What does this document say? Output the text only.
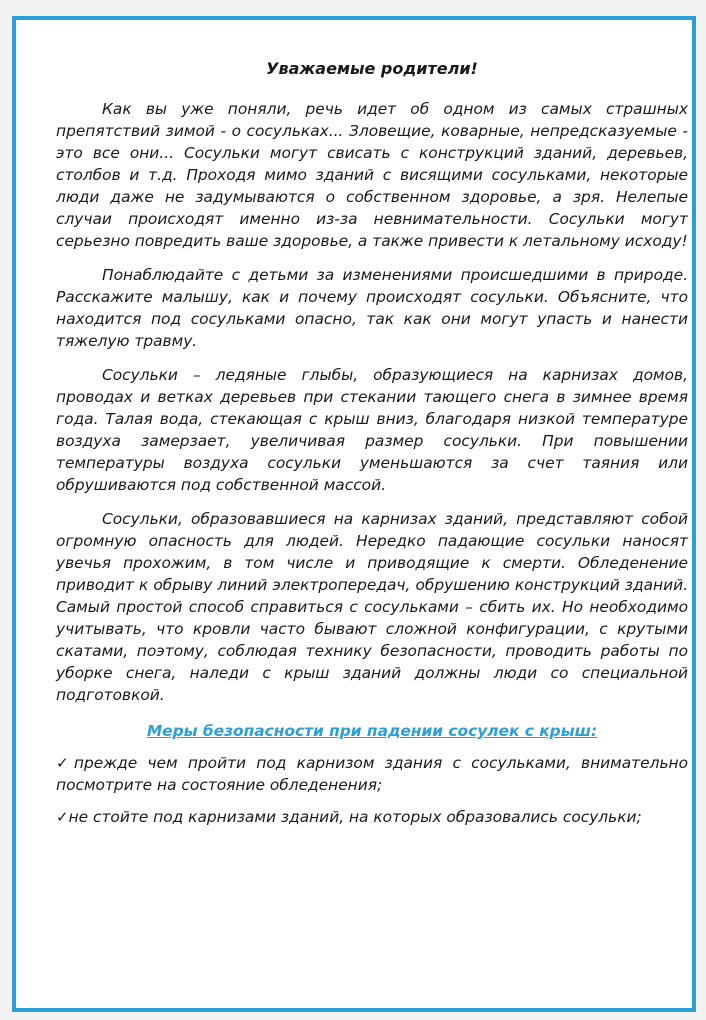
Уважаемые родители!

Как вы уже поняли, речь идет об одном из самых страшных препятствий зимой - о сосульках... Зловещие, коварные, непредсказуемые - это все они... Сосульки могут свисать с конструкций зданий, деревьев, столбов и т.д. Проходя мимо зданий с висящими сосульками, некоторые люди даже не задумываются о собственном здоровье, а зря. Нелепые случаи происходят именно из-за невнимательности. Сосульки могут серьезно повредить ваше здоровье, а также привести к летальному исходу!

Понаблюдайте с детьми за изменениями происшедшими в природе. Расскажите малышу, как и почему происходят сосульки. Объясните, что находится под сосульками опасно, так как они могут упасть и нанести тяжелую травму.

Сосульки – ледяные глыбы, образующиеся на карнизах домов, проводах и ветках деревьев при стекании тающего снега в зимнее время года. Талая вода, стекающая с крыш вниз, благодаря низкой температуре воздуха замерзает, увеличивая размер сосульки. При повышении температуры воздуха сосульки уменьшаются за счет таяния или обрушиваются под собственной массой.

Сосульки, образовавшиеся на карнизах зданий, представляют собой огромную опасность для людей. Нередко падающие сосульки наносят увечья прохожим, в том числе и приводящие к смерти. Обледенение приводит к обрыву линий электропередач, обрушению конструкций зданий. Самый простой способ справиться с сосульками – сбить их. Но необходимо учитывать, что кровли часто бывают сложной конфигурации, с крутыми скатами, поэтому, соблюдая технику безопасности, проводить работы по уборке снега, наледи с крыш зданий должны люди со специальной подготовкой.

Меры безопасности при падении сосулек с крыш:

✓прежде чем пройти под карнизом здания с сосульками, внимательно посмотрите на состояние обледенения;

✓не стойте под карнизами зданий, на которых образовались сосульки;
